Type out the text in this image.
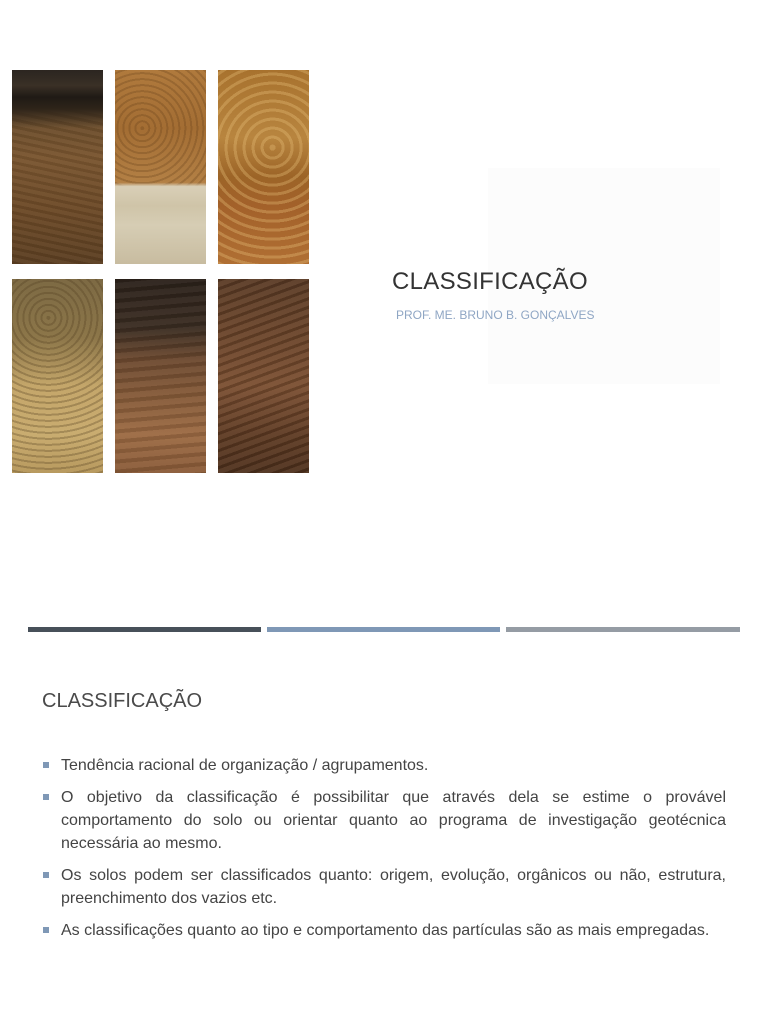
CLASSIFICAÇÃO
PROF. ME. BRUNO B. GONÇALVES
CLASSIFICAÇÃO
Tendência racional de organização / agrupamentos.
O objetivo da classificação é possibilitar que através dela se estime o provável comportamento do solo ou orientar quanto ao programa de investigação geotécnica necessária ao mesmo.
Os solos podem ser classificados quanto: origem, evolução, orgânicos ou não, estrutura, preenchimento dos vazios etc.
As classificações quanto ao tipo e comportamento das partículas são as mais empregadas.
